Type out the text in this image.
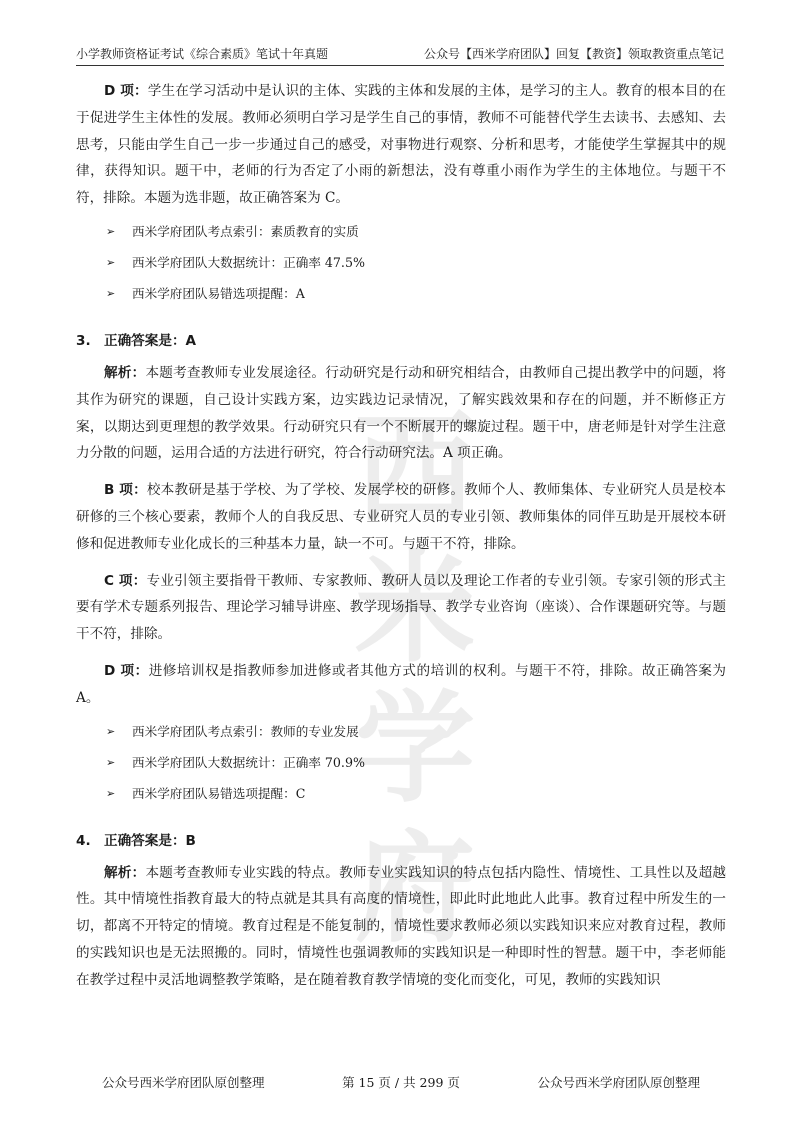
小学教师资格证考试《综合素质》笔试十年真题	公众号【西米学府团队】回复【教资】领取教资重点笔记
西米学府

D 项：学生在学习活动中是认识的主体、实践的主体和发展的主体，是学习的主人。教育的根本目的在于促进学生主体性的发展。教师必须明白学习是学生自己的事情，教师不可能替代学生去读书、去感知、去思考，只能由学生自己一步一步通过自己的感受，对事物进行观察、分析和思考，才能使学生掌握其中的规律，获得知识。题干中，老师的行为否定了小雨的新想法，没有尊重小雨作为学生的主体地位。与题干不符，排除。本题为选非题，故正确答案为 C。

➢	西米学府团队考点索引：素质教育的实质
➢	西米学府团队大数据统计：正确率 47.5%
➢	西米学府团队易错选项提醒：A
3. 正确答案是：A

解析：本题考查教师专业发展途径。行动研究是行动和研究相结合，由教师自己提出教学中的问题，将其作为研究的课题，自己设计实践方案，边实践边记录情况，了解实践效果和存在的问题，并不断修正方案，以期达到更理想的教学效果。行动研究只有一个不断展开的螺旋过程。题干中，唐老师是针对学生注意力分散的问题，运用合适的方法进行研究，符合行动研究法。A 项正确。

B 项：校本教研是基于学校、为了学校、发展学校的研修。教师个人、教师集体、专业研究人员是校本研修的三个核心要素，教师个人的自我反思、专业研究人员的专业引领、教师集体的同伴互助是开展校本研修和促进教师专业化成长的三种基本力量，缺一不可。与题干不符，排除。

C 项：专业引领主要指骨干教师、专家教师、教研人员以及理论工作者的专业引领。专家引领的形式主要有学术专题系列报告、理论学习辅导讲座、教学现场指导、教学专业咨询（座谈）、合作课题研究等。与题干不符，排除。

D 项：进修培训权是指教师参加进修或者其他方式的培训的权利。与题干不符，排除。故正确答案为 A。

➢	西米学府团队考点索引：教师的专业发展
➢	西米学府团队大数据统计：正确率 70.9%
➢	西米学府团队易错选项提醒：C
4. 正确答案是：B

解析：本题考查教师专业实践的特点。教师专业实践知识的特点包括内隐性、情境性、工具性以及超越性。其中情境性指教育最大的特点就是其具有高度的情境性，即此时此地此人此事。教育过程中所发生的一切，都离不开特定的情境。教育过程是不能复制的，情境性要求教师必须以实践知识来应对教育过程，教师的实践知识也是无法照搬的。同时，情境性也强调教师的实践知识是一种即时性的智慧。题干中，李老师能在教学过程中灵活地调整教学策略，是在随着教育教学情境的变化而变化，可见，教师的实践知识

公众号西米学府团队原创整理	第 15 页 / 共 299 页	公众号西米学府团队原创整理
